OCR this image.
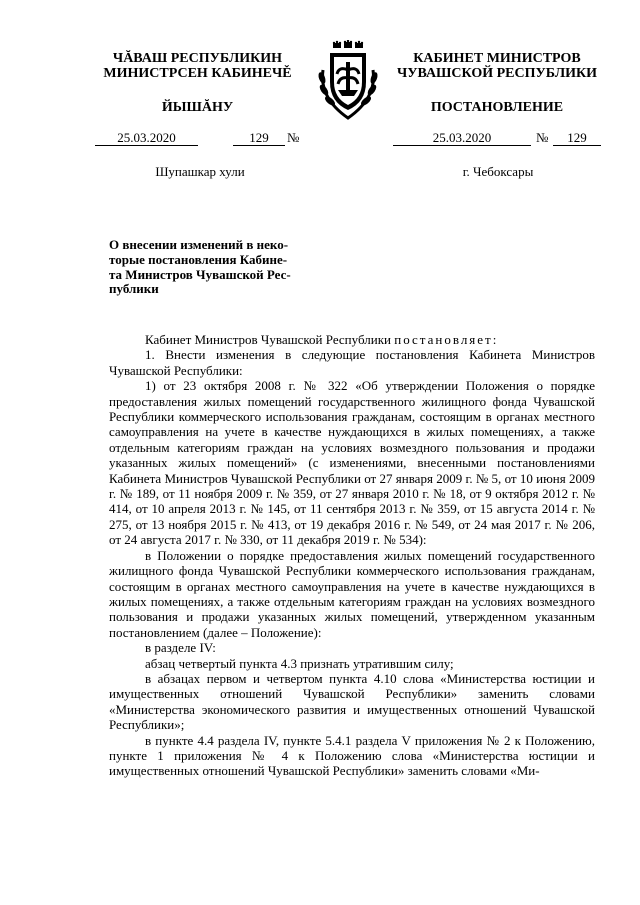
ЧĂВАШ РЕСПУБЛИКИН
МИНИСТРСЕН КАБИНЕЧĚ
ЙЫШĂНУ
КАБИНЕТ МИНИСТРОВ
ЧУВАШСКОЙ РЕСПУБЛИКИ
ПОСТАНОВЛЕНИЕ
25.03.2020	129	№	25.03.2020	№	129
Шупашкар хули	г. Чебоксары
О внесении изменений в неко-
торые постановления Кабине-
та Министров Чувашской Рес-
публики

Кабинет Министров Чувашской Республики постановляет:

1. Внести изменения в следующие постановления Кабинета Министров Чувашской Республики:

1) от 23 октября 2008 г. № 322 «Об утверждении Положения о порядке предоставления жилых помещений государственного жилищного фонда Чувашской Республики коммерческого использования гражданам, состоящим в органах местного самоуправления на учете в качестве нуждающихся в жилых помещениях, а также отдельным категориям граждан на условиях возмездного пользования и продажи указанных жилых помещений» (с изменениями, внесенными постановлениями Кабинета Министров Чувашской Республики от 27 января 2009 г. № 5, от 10 июня 2009 г. № 189, от 11 ноября 2009 г. № 359, от 27 января 2010 г. № 18, от 9 октября 2012 г. № 414, от 10 апреля 2013 г. № 145, от 11 сентября 2013 г. № 359, от 15 августа 2014 г. № 275, от 13 ноября 2015 г. № 413, от 19 декабря 2016 г. № 549, от 24 мая 2017 г. № 206, от 24 августа 2017 г. № 330, от 11 декабря 2019 г. № 534):

в Положении о порядке предоставления жилых помещений государственного жилищного фонда Чувашской Республики коммерческого использования гражданам, состоящим в органах местного самоуправления на учете в качестве нуждающихся в жилых помещениях, а также отдельным категориям граждан на условиях возмездного пользования и продажи указанных жилых помещений, утвержденном указанным постановлением (далее – Положение):

в разделе IV:

абзац четвертый пункта 4.3 признать утратившим силу;

в абзацах первом и четвертом пункта 4.10 слова «Министерства юстиции и имущественных отношений Чувашской Республики» заменить словами «Министерства экономического развития и имущественных отношений Чувашской Республики»;

в пункте 4.4 раздела IV, пункте 5.4.1 раздела V приложения № 2 к Положению, пункте 1 приложения № 4 к Положению слова «Министерства юстиции и имущественных отношений Чувашской Республики» заменить словами «Ми-
